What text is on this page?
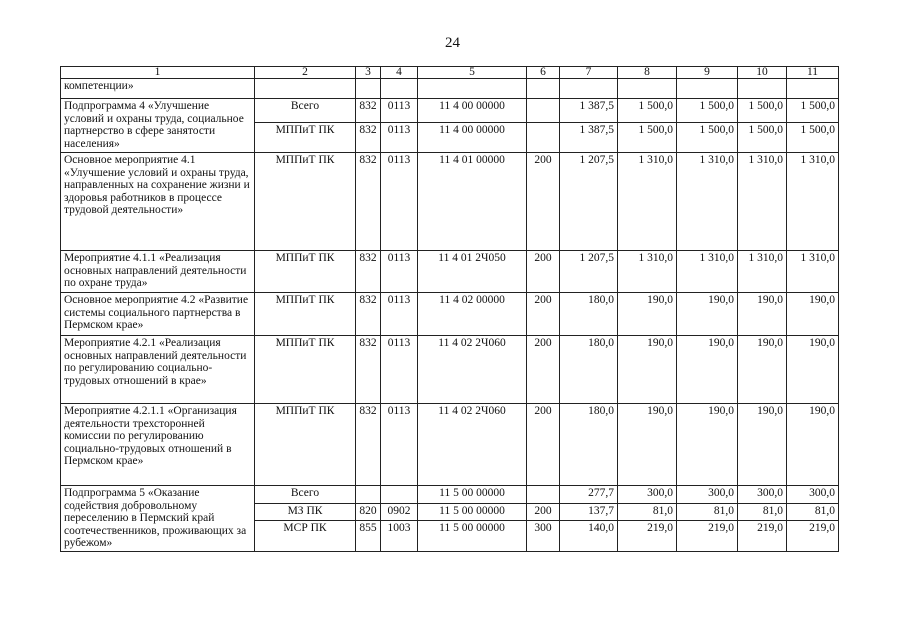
24
1	2	3	4	5	6	7	8	9	10	11
компетенции»										
Подпрограмма 4 «Улучшение условий и охраны труда, социальное партнерство в сфере занятости населения»	Всего	832	0113	11 4 00 00000		1 387,5	1 500,0	1 500,0	1 500,0	1 500,0
	МППиТ ПК	832	0113	11 4 00 00000		1 387,5	1 500,0	1 500,0	1 500,0	1 500,0
Основное мероприятие 4.1 «Улучшение условий и охраны труда, направленных на сохранение жизни и здоровья работников в процессе трудовой деятельности»	МППиТ ПК	832	0113	11 4 01 00000	200	1 207,5	1 310,0	1 310,0	1 310,0	1 310,0
Мероприятие 4.1.1 «Реализация основных направлений деятельности по охране труда»	МППиТ ПК	832	0113	11 4 01 2Ч050	200	1 207,5	1 310,0	1 310,0	1 310,0	1 310,0
Основное мероприятие 4.2 «Развитие системы социального партнерства в Пермском крае»	МППиТ ПК	832	0113	11 4 02 00000	200	180,0	190,0	190,0	190,0	190,0
Мероприятие 4.2.1 «Реализация основных направлений деятельности по регулированию социально-трудовых отношений в крае»	МППиТ ПК	832	0113	11 4 02 2Ч060	200	180,0	190,0	190,0	190,0	190,0
Мероприятие 4.2.1.1 «Организация деятельности трехсторонней комиссии по регулированию социально-трудовых отношений в Пермском крае»	МППиТ ПК	832	0113	11 4 02 2Ч060	200	180,0	190,0	190,0	190,0	190,0
Подпрограмма 5 «Оказание содействия добровольному переселению в Пермский край соотечественников, проживающих за рубежом»	Всего			11 5 00 00000		277,7	300,0	300,0	300,0	300,0
	МЗ ПК	820	0902	11 5 00 00000	200	137,7	81,0	81,0	81,0	81,0
	МСР ПК	855	1003	11 5 00 00000	300	140,0	219,0	219,0	219,0	219,0
